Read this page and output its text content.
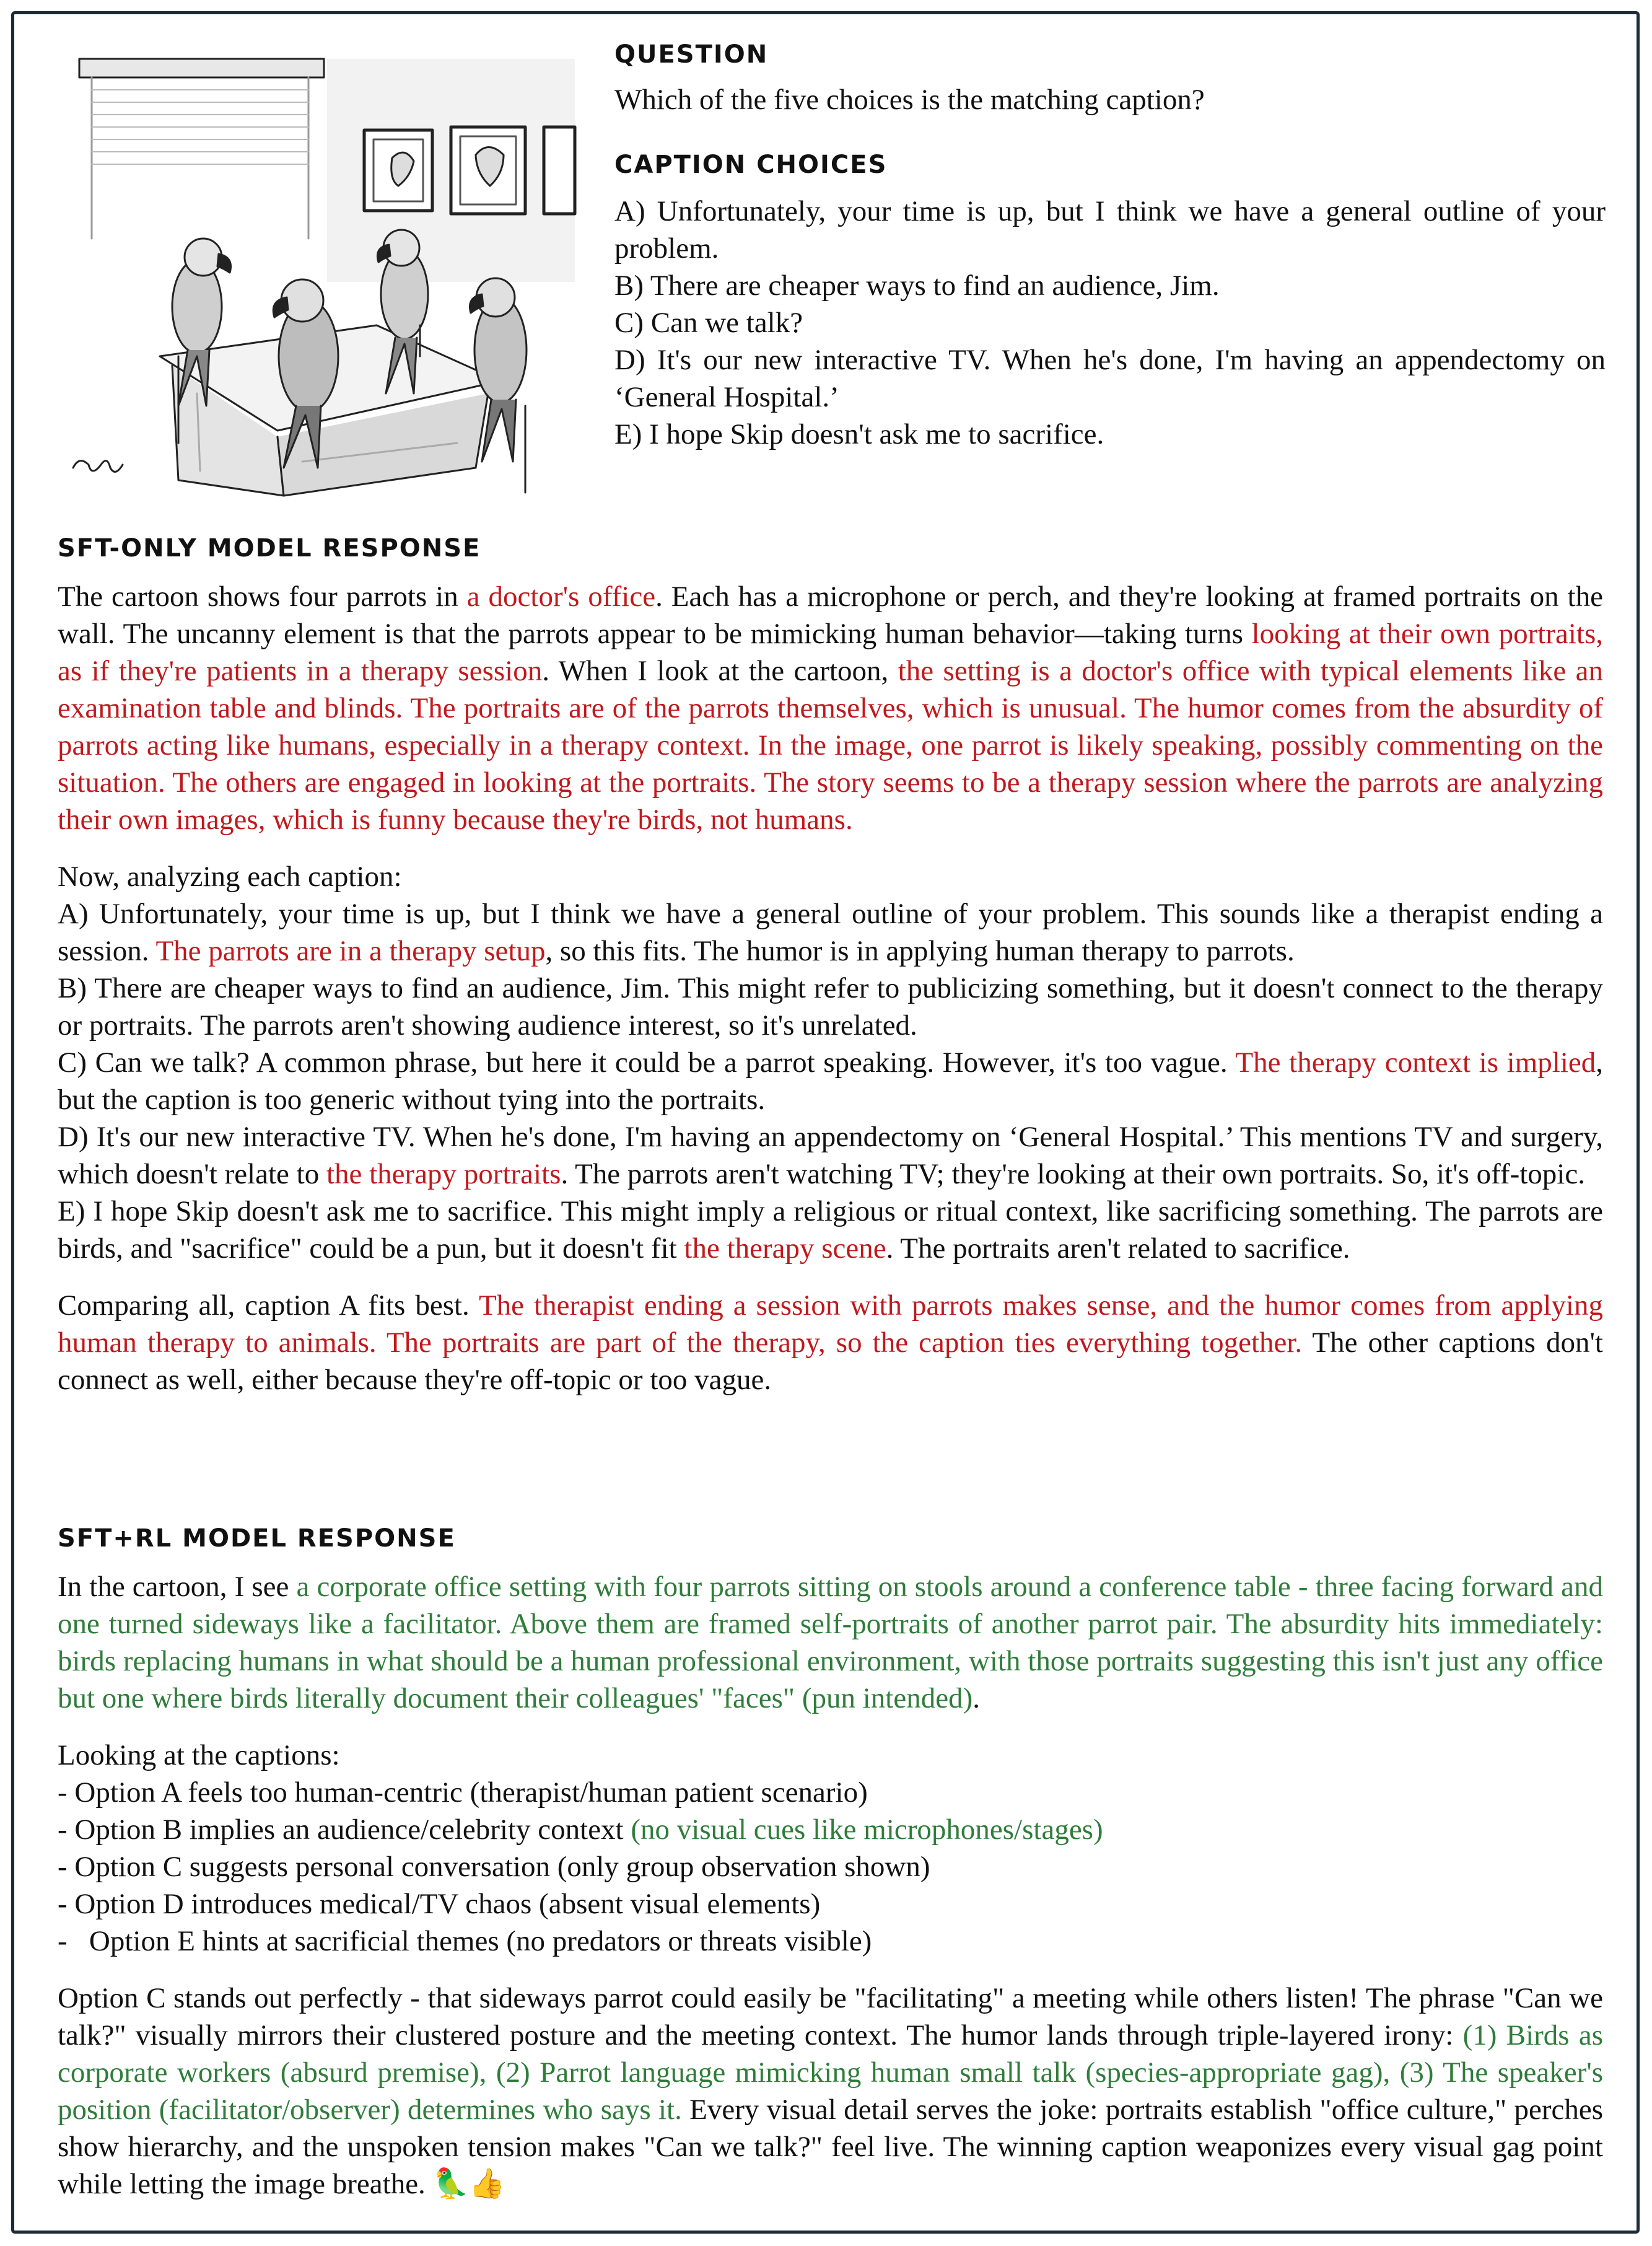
QUESTION
Which of the five choices is the matching caption?
CAPTION CHOICES
A) Unfortunately, your time is up, but I think we have a general outline of your problem.
B) There are cheaper ways to find an audience, Jim.
C) Can we talk?
D) It's our new interactive TV. When he's done, I'm having an appendectomy on ‘General Hospital.’
E) I hope Skip doesn't ask me to sacrifice.
SFT-ONLY MODEL RESPONSE
The cartoon shows four parrots in a doctor's office. Each has a microphone or perch, and they're looking at framed portraits on the wall. The uncanny element is that the parrots appear to be mimicking human behavior—taking turns looking at their own portraits, as if they're patients in a therapy session. When I look at the cartoon, the setting is a doctor's office with typical elements like an examination table and blinds. The portraits are of the parrots themselves, which is unusual. The humor comes from the absurdity of parrots acting like humans, especially in a therapy context. In the image, one parrot is likely speaking, possibly commenting on the situation. The others are engaged in looking at the portraits. The story seems to be a therapy session where the parrots are analyzing their own images, which is funny because they're birds, not humans.
Now, analyzing each caption:
A) Unfortunately, your time is up, but I think we have a general outline of your problem. This sounds like a therapist ending a session. The parrots are in a therapy setup, so this fits. The humor is in applying human therapy to parrots.
B) There are cheaper ways to find an audience, Jim. This might refer to publicizing something, but it doesn't connect to the therapy or portraits. The parrots aren't showing audience interest, so it's unrelated.
C) Can we talk? A common phrase, but here it could be a parrot speaking. However, it's too vague. The therapy context is implied, but the caption is too generic without tying into the portraits.
D) It's our new interactive TV. When he's done, I'm having an appendectomy on ‘General Hospital.’ This mentions TV and surgery, which doesn't relate to the therapy portraits. The parrots aren't watching TV; they're looking at their own portraits. So, it's off-topic.
E) I hope Skip doesn't ask me to sacrifice. This might imply a religious or ritual context, like sacrificing something. The parrots are birds, and "sacrifice" could be a pun, but it doesn't fit the therapy scene. The portraits aren't related to sacrifice.
Comparing all, caption A fits best. The therapist ending a session with parrots makes sense, and the humor comes from applying human therapy to animals. The portraits are part of the therapy, so the caption ties everything together. The other captions don't connect as well, either because they're off-topic or too vague.
SFT+RL MODEL RESPONSE
In the cartoon, I see a corporate office setting with four parrots sitting on stools around a conference table - three facing forward and one turned sideways like a facilitator. Above them are framed self-portraits of another parrot pair. The absurdity hits immediately: birds replacing humans in what should be a human professional environment, with those portraits suggesting this isn't just any office but one where birds literally document their colleagues' "faces" (pun intended).
Looking at the captions:
- Option A feels too human-centric (therapist/human patient scenario)
- Option B implies an audience/celebrity context (no visual cues like microphones/stages)
- Option C suggests personal conversation (only group observation shown)
- Option D introduces medical/TV chaos (absent visual elements)
-   Option E hints at sacrificial themes (no predators or threats visible)
Option C stands out perfectly - that sideways parrot could easily be "facilitating" a meeting while others listen! The phrase "Can we talk?" visually mirrors their clustered posture and the meeting context. The humor lands through triple-layered irony: (1) Birds as corporate workers (absurd premise), (2) Parrot language mimicking human small talk (species-appropriate gag), (3) The speaker's position (facilitator/observer) determines who says it. Every visual detail serves the joke: portraits establish "office culture," perches show hierarchy, and the unspoken tension makes "Can we talk?" feel live. The winning caption weaponizes every visual gag point while letting the image breathe. 🦜👍
